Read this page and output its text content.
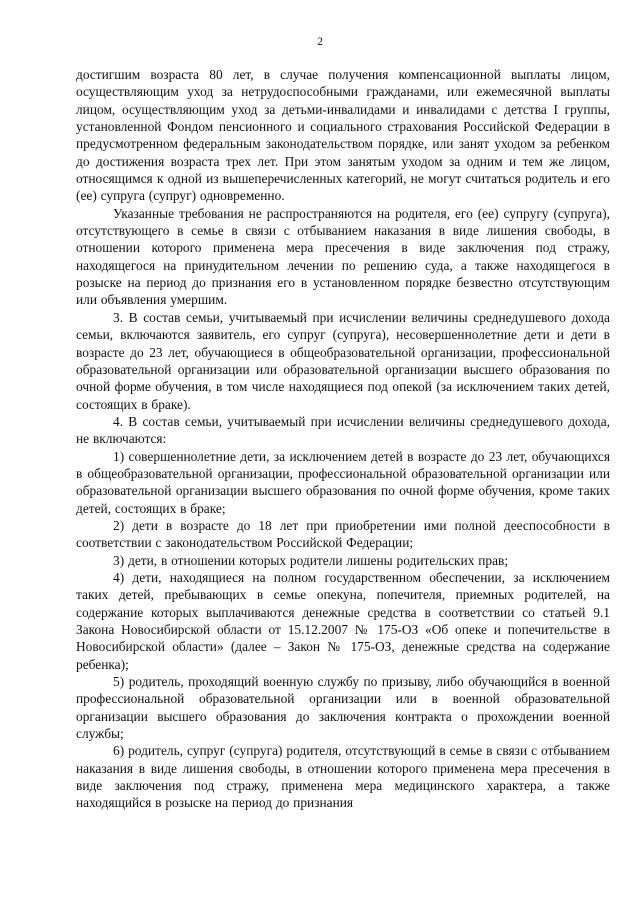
2

достигшим возраста 80 лет, в случае получения компенсационной выплаты лицом, осуществляющим уход за нетрудоспособными гражданами, или ежемесячной выплаты лицом, осуществляющим уход за детьми-инвалидами и инвалидами с детства I группы, установленной Фондом пенсионного и социального страхования Российской Федерации в предусмотренном федеральным законодательством порядке, или занят уходом за ребенком до достижения возраста трех лет. При этом занятым уходом за одним и тем же лицом, относящимся к одной из вышеперечисленных категорий, не могут считаться родитель и его (ее) супруга (супруг) одновременно.

Указанные требования не распространяются на родителя, его (ее) супругу (супруга), отсутствующего в семье в связи с отбыванием наказания в виде лишения свободы, в отношении которого применена мера пресечения в виде заключения под стражу, находящегося на принудительном лечении по решению суда, а также находящегося в розыске на период до признания его в установленном порядке безвестно отсутствующим или объявления умершим.

3. В состав семьи, учитываемый при исчислении величины среднедушевого дохода семьи, включаются заявитель, его супруг (супруга), несовершеннолетние дети и дети в возрасте до 23 лет, обучающиеся в общеобразовательной организации, профессиональной образовательной организации или образовательной организации высшего образования по очной форме обучения, в том числе находящиеся под опекой (за исключением таких детей, состоящих в браке).

4. В состав семьи, учитываемый при исчислении величины среднедушевого дохода, не включаются:

1) совершеннолетние дети, за исключением детей в возрасте до 23 лет, обучающихся в общеобразовательной организации, профессиональной образовательной организации или образовательной организации высшего образования по очной форме обучения, кроме таких детей, состоящих в браке;

2) дети в возрасте до 18 лет при приобретении ими полной дееспособности в соответствии с законодательством Российской Федерации;

3) дети, в отношении которых родители лишены родительских прав;

4) дети, находящиеся на полном государственном обеспечении, за исключением таких детей, пребывающих в семье опекуна, попечителя, приемных родителей, на содержание которых выплачиваются денежные средства в соответствии со статьей 9.1 Закона Новосибирской области от 15.12.2007 № 175-ОЗ «Об опеке и попечительстве в Новосибирской области» (далее – Закон № 175-ОЗ, денежные средства на содержание ребенка);

5) родитель, проходящий военную службу по призыву, либо обучающийся в военной профессиональной образовательной организации или в военной образовательной организации высшего образования до заключения контракта о прохождении военной службы;

6) родитель, супруг (супруга) родителя, отсутствующий в семье в связи с отбыванием наказания в виде лишения свободы, в отношении которого применена мера пресечения в виде заключения под стражу, применена мера медицинского характера, а также находящийся в розыске на период до признания
